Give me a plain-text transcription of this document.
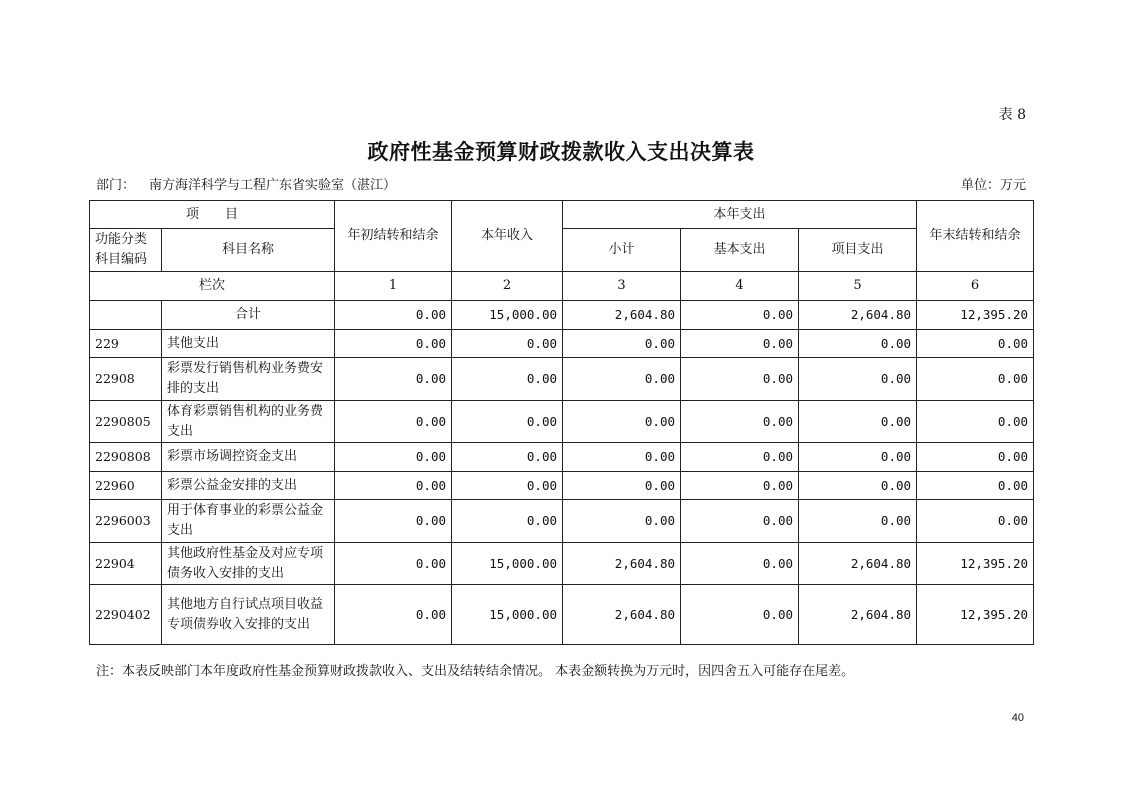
表 8
政府性基金预算财政拨款收入支出决算表
部门： 南方海洋科学与工程广东省实验室（湛江）	单位：万元
项　　目		年初结转和结余	本年收入	本年支出			年末结转和结余

功能分类
科目编码	科目名称			小计	基本支出	项目支出	
栏次		1	2	3	4	5	6
	合计	0.00	15,000.00	2,604.80	0.00	2,604.80	12,395.20
229	其他支出	0.00	0.00	0.00	0.00	0.00	0.00
22908	彩票发行销售机构业务费安排的支出	0.00	0.00	0.00	0.00	0.00	0.00
2290805	体育彩票销售机构的业务费支出	0.00	0.00	0.00	0.00	0.00	0.00
2290808	彩票市场调控资金支出	0.00	0.00	0.00	0.00	0.00	0.00
22960	彩票公益金安排的支出	0.00	0.00	0.00	0.00	0.00	0.00
2296003	用于体育事业的彩票公益金支出	0.00	0.00	0.00	0.00	0.00	0.00
22904	其他政府性基金及对应专项债务收入安排的支出	0.00	15,000.00	2,604.80	0.00	2,604.80	12,395.20
2290402	其他地方自行试点项目收益专项债券收入安排的支出	0.00	15,000.00	2,604.80	0.00	2,604.80	12,395.20
注：本表反映部门本年度政府性基金预算财政拨款收入、支出及结转结余情况。 本表金额转换为万元时，因四舍五入可能存在尾差。
40
